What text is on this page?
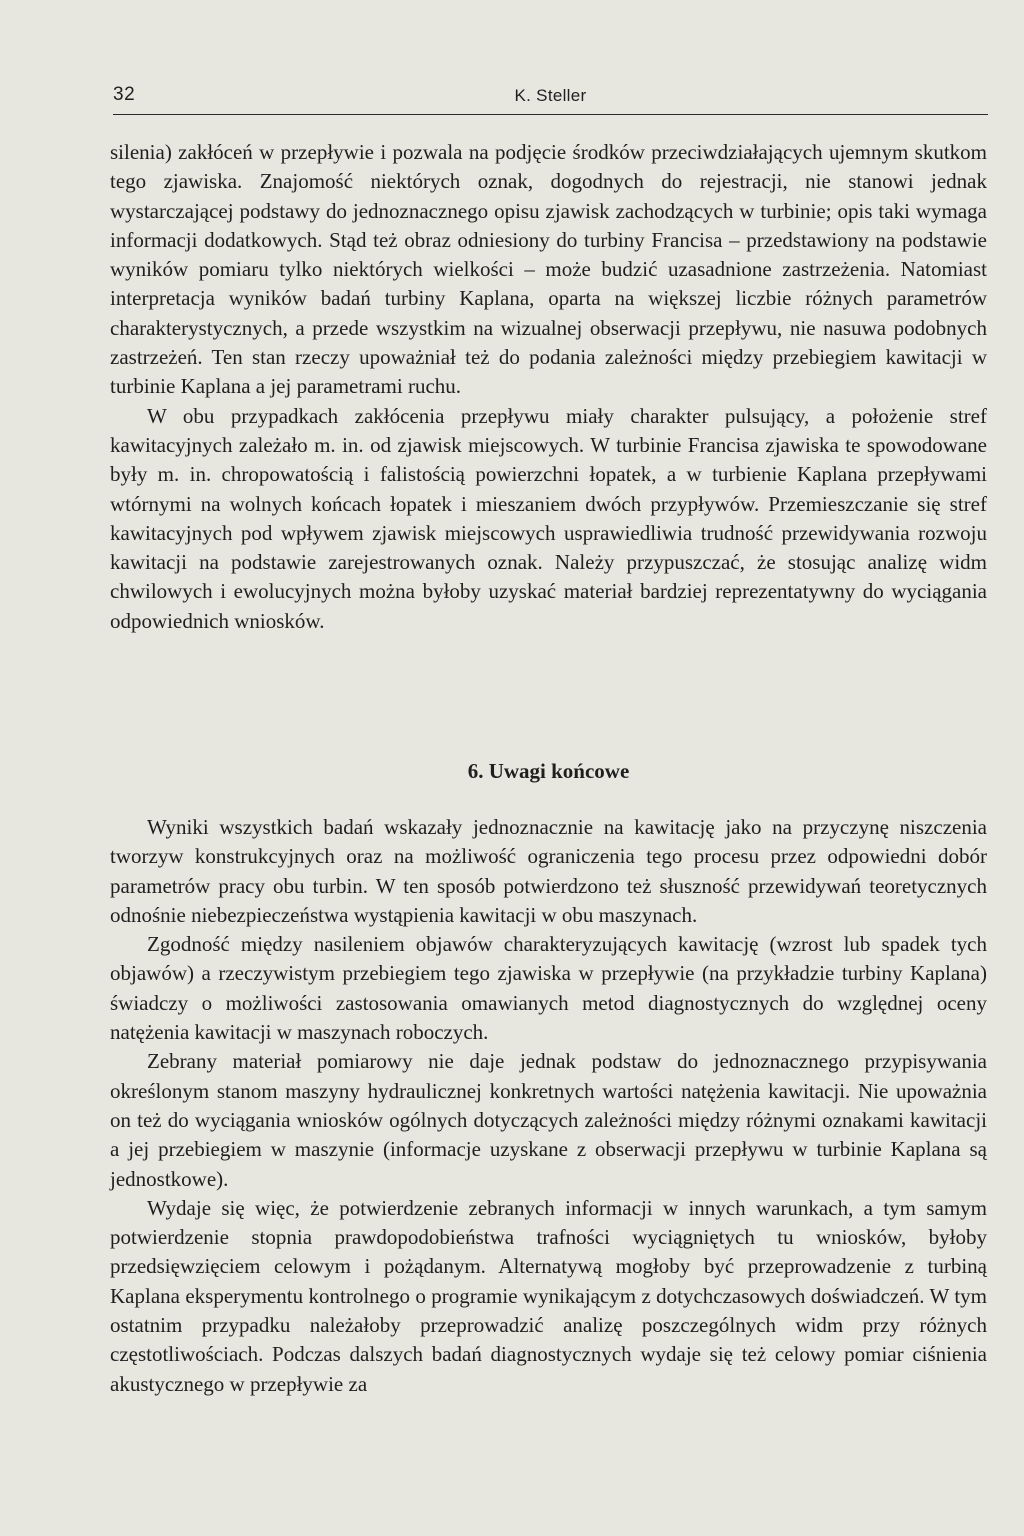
32	K. Steller

silenia) zakłóceń w przepływie i pozwala na podjęcie środków przeciwdziałających ujemnym skutkom tego zjawiska. Znajomość niektórych oznak, dogodnych do rejestracji, nie stanowi jednak wystarczającej podstawy do jednoznacznego opisu zjawisk zachodzących w turbinie; opis taki wymaga informacji dodatkowych. Stąd też obraz odniesiony do turbiny Francisa – przedstawiony na podstawie wyników pomiaru tylko niektórych wielkości – może budzić uzasadnione zastrzeżenia. Natomiast interpretacja wyników badań turbiny Kaplana, oparta na większej liczbie różnych parametrów charakterystycznych, a przede wszystkim na wizualnej obserwacji przepływu, nie nasuwa podobnych zastrzeżeń. Ten stan rzeczy upoważniał też do podania zależności między przebiegiem kawitacji w turbinie Kaplana a jej parametrami ruchu.

W obu przypadkach zakłócenia przepływu miały charakter pulsujący, a położenie stref kawitacyjnych zależało m. in. od zjawisk miejscowych. W turbinie Francisa zjawiska te spowodowane były m. in. chropowatością i falistością powierzchni łopatek, a w turbienie Kaplana przepływami wtórnymi na wolnych końcach łopatek i mieszaniem dwóch przypływów. Przemieszczanie się stref kawitacyjnych pod wpływem zjawisk miejscowych usprawiedliwia trudność przewidywania rozwoju kawitacji na podstawie zarejestrowanych oznak. Należy przypuszczać, że stosując analizę widm chwilowych i ewolucyjnych można byłoby uzyskać materiał bardziej reprezentatywny do wyciągania odpowiednich wniosków.

6. Uwagi końcowe

Wyniki wszystkich badań wskazały jednoznacznie na kawitację jako na przyczynę niszczenia tworzyw konstrukcyjnych oraz na możliwość ograniczenia tego procesu przez odpowiedni dobór parametrów pracy obu turbin. W ten sposób potwierdzono też słuszność przewidywań teoretycznych odnośnie niebezpieczeństwa wystąpienia kawitacji w obu maszynach.

Zgodność między nasileniem objawów charakteryzujących kawitację (wzrost lub spadek tych objawów) a rzeczywistym przebiegiem tego zjawiska w przepływie (na przykładzie turbiny Kaplana) świadczy o możliwości zastosowania omawianych metod diagnostycznych do względnej oceny natężenia kawitacji w maszynach roboczych.

Zebrany materiał pomiarowy nie daje jednak podstaw do jednoznacznego przypisywania określonym stanom maszyny hydraulicznej konkretnych wartości natężenia kawitacji. Nie upoważnia on też do wyciągania wniosków ogólnych dotyczących zależności między różnymi oznakami kawitacji a jej przebiegiem w maszynie (informacje uzyskane z obserwacji przepływu w turbinie Kaplana są jednostkowe).

Wydaje się więc, że potwierdzenie zebranych informacji w innych warunkach, a tym samym potwierdzenie stopnia prawdopodobieństwa trafności wyciągniętych tu wniosków, byłoby przedsięwzięciem celowym i pożądanym. Alternatywą mogłoby być przeprowadzenie z turbiną Kaplana eksperymentu kontrolnego o programie wynikającym z dotychczasowych doświadczeń. W tym ostatnim przypadku należałoby przeprowadzić analizę poszczególnych widm przy różnych częstotliwościach. Podczas dalszych badań diagnostycznych wydaje się też celowy pomiar ciśnienia akustycznego w przepływie za
